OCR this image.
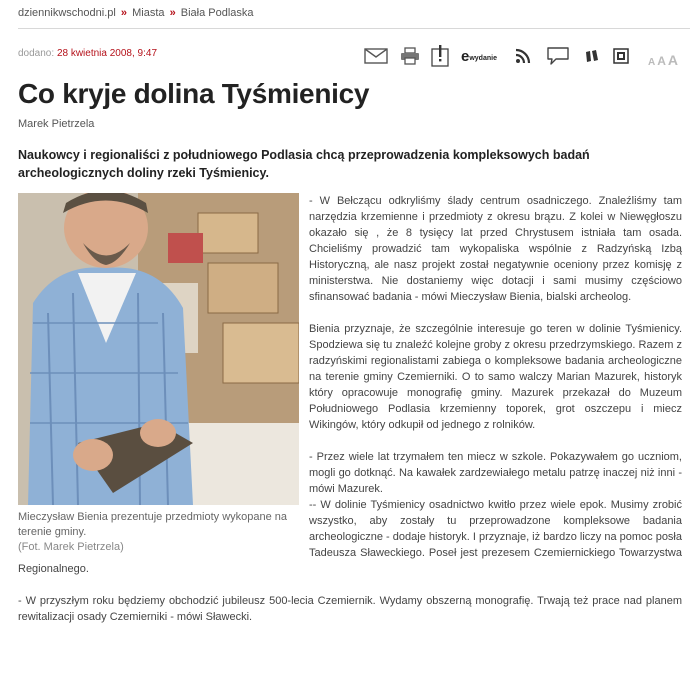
dziennikwschodni.pl » Miasta » Biała Podlaska
dodano: 28 kwietnia 2008, 9:47	e wydanie	A A A
Co kryje dolina Tyśmienicy
Marek Pietrzela
Naukowcy i regionaliści z południowego Podlasia chcą przeprowadzenia kompleksowych badań archeologicznych doliny rzeki Tyśmienicy.
Mieczysław Bienia prezentuje przedmioty wykopane na terenie gminy.
(Fot. Marek Pietrzela)

- W Bełczącu odkryliśmy ślady centrum osadniczego. Znaleźliśmy tam narzędzia krzemienne i przedmioty z okresu brązu. Z kolei w Niewęgłoszu okazało się , że 8 tysięcy lat przed Chrystusem istniała tam osada. Chcieliśmy prowadzić tam wykopaliska wspólnie z Radzyńską Izbą Historyczną, ale nasz projekt został negatywnie oceniony przez komisję z ministerstwa. Nie dostaniemy więc dotacji i sami musimy częściowo sfinansować badania - mówi Mieczysław Bienia, bialski archeolog.

Bienia przyznaje, że szczególnie interesuje go teren w dolinie Tyśmienicy. Spodziewa się tu znaleźć kolejne groby z okresu przedrzymskiego. Razem z radzyńskimi regionalistami zabiega o kompleksowe badania archeologiczne na terenie gminy Czemierniki. O to samo walczy Marian Mazurek, historyk który opracowuje monografię gminy. Mazurek przekazał do Muzeum Południowego Podlasia krzemienny toporek, grot oszczepu i miecz Wikingów, który odkupił od jednego z rolników.

- Przez wiele lat trzymałem ten miecz w szkole. Pokazywałem go uczniom, mogli go dotknąć. Na kawałek zardzewiałego metalu patrzę inaczej niż inni - mówi Mazurek.

-- W dolinie Tyśmienicy osadnictwo kwitło przez wiele epok. Musimy zrobić wszystko, aby zostały tu przeprowadzone kompleksowe badania archeologiczne - dodaje historyk. I przyznaje, iż bardzo liczy na pomoc posła Tadeusza Sławeckiego. Poseł jest prezesem Czemiernickiego Towarzystwa Regionalnego.

- W przyszłym roku będziemy obchodzić jubileusz 500-lecia Czemiernik. Wydamy obszerną monografię. Trwają też prace nad planem rewitalizacji osady Czemierniki - mówi Sławecki.
